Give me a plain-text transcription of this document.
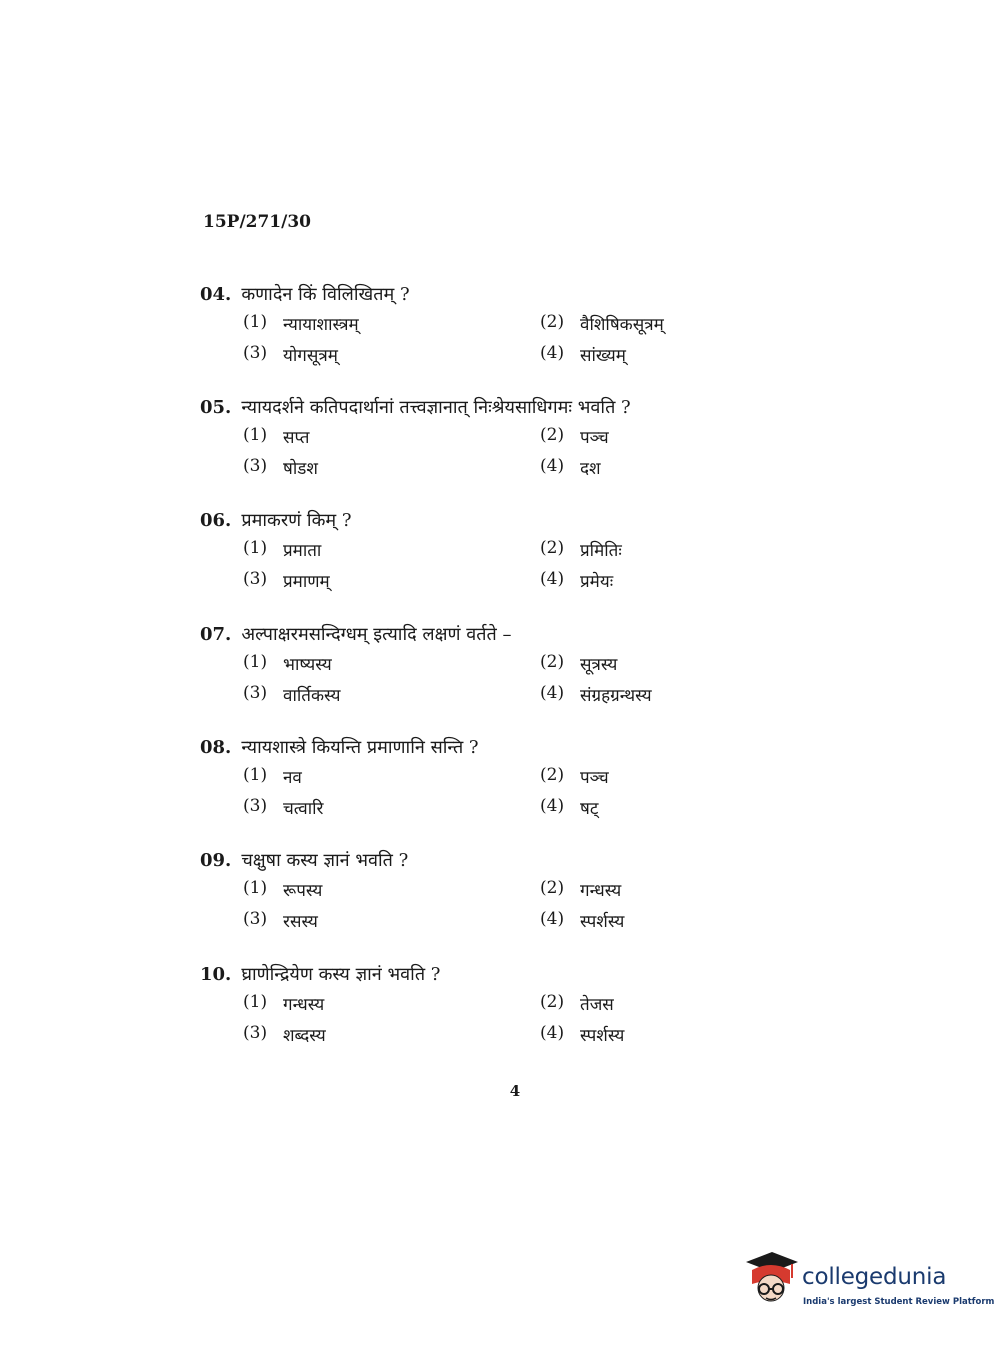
15P/271/30
04. कणादेन किं विलिखितम् ?
(1) न्यायाशास्त्रम्	(2) वैशिषिकसूत्रम्
(3) योगसूत्रम्	(4) सांख्यम्
05. न्यायदर्शने कतिपदार्थानां तत्त्वज्ञानात् निःश्रेयसाधिगमः भवति ?
(1) सप्त	(2) पञ्च
(3) षोडश	(4) दश
06. प्रमाकरणं किम् ?
(1) प्रमाता	(2) प्रमितिः
(3) प्रमाणम्	(4) प्रमेयः
07. अल्पाक्षरमसन्दिग्धम् इत्यादि लक्षणं वर्तते –
(1) भाष्यस्य	(2) सूत्रस्य
(3) वार्तिकस्य	(4) संग्रहग्रन्थस्य
08. न्यायशास्त्रे कियन्ति प्रमाणानि सन्ति ?
(1) नव	(2) पञ्च
(3) चत्वारि	(4) षट्
09. चक्षुषा कस्य ज्ञानं भवति ?
(1) रूपस्य	(2) गन्धस्य
(3) रसस्य	(4) स्पर्शस्य
10. घ्राणेन्द्रियेण कस्य ज्ञानं भवति ?
(1) गन्धस्य	(2) तेजस
(3) शब्दस्य	(4) स्पर्शस्य
4
collegedunia
India's largest Student Review Platform
